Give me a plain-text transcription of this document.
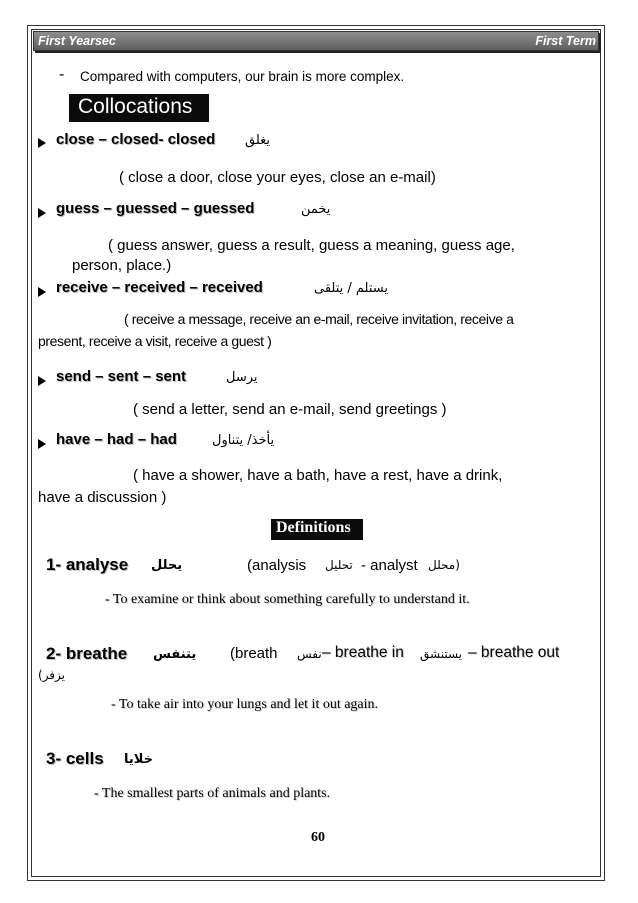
First Yearsec	First Term
- Compared with computers, our brain is more complex.
Collocations
close – closed- closed يغلق
( close a door, close your eyes, close an e-mail)
guess – guessed – guessed	يخمن
( guess answer, guess a result, guess a meaning, guess age,
person, place.)
receive – received – received	يستلم / يتلقى
( receive a message, receive an e-mail, receive invitation, receive a
present, receive a visit, receive a guest )
send – sent – sent	يرسل
( send a letter, send an e-mail, send greetings )
have – had – had	يأخذ/ يتناول
( have a shower, have a bath, have a rest, have a drink,
have a discussion )
Definitions
1- analyse يحلل	(analysis تحليل - analyst محلل)
- To examine or think about something carefully to understand it.
2- breathe يتنفس (breath نفس – breathe in يستنشق – breathe out
(يزفر
- To take air into your lungs and let it out again.
3- cells خلايا
- The smallest parts of animals and plants.
60
